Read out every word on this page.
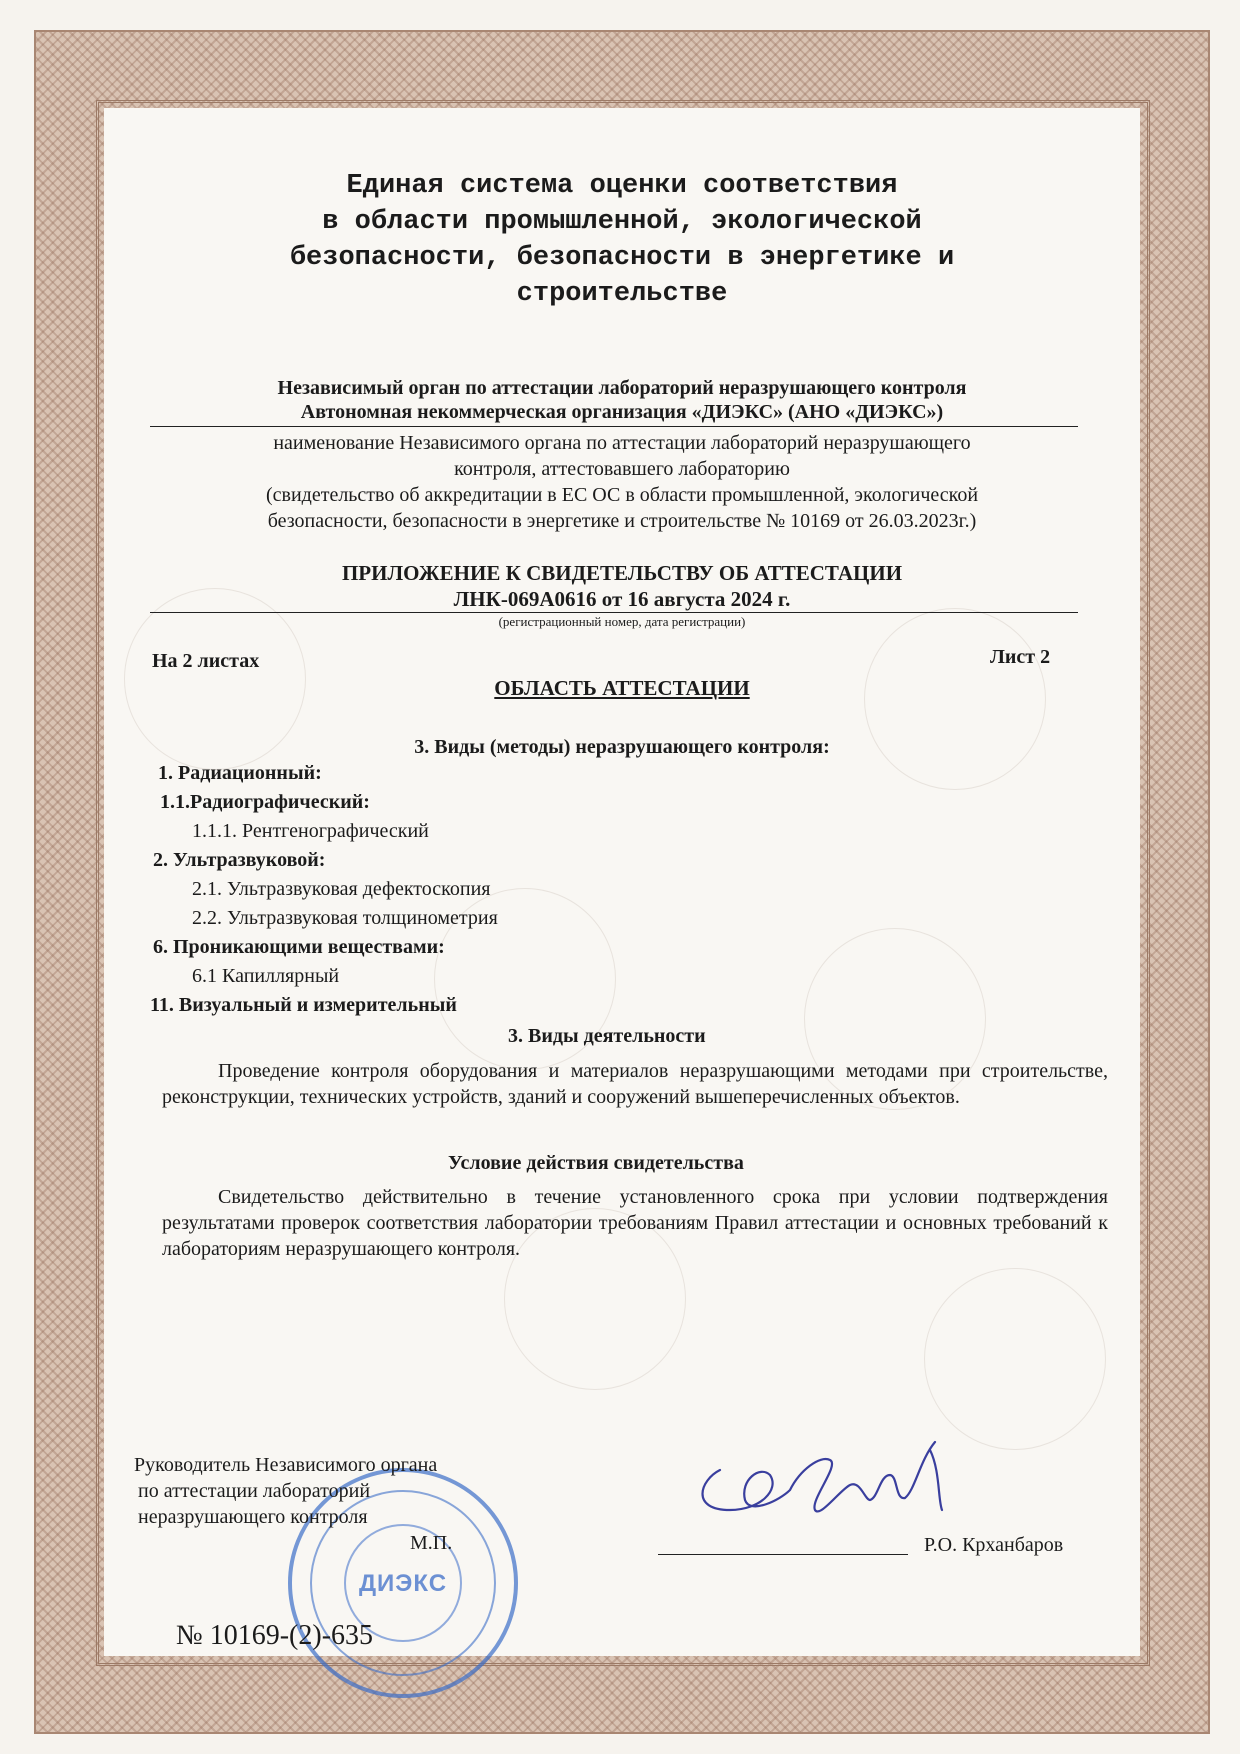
Единая система оценки соответствия
в области промышленной, экологической
безопасности, безопасности в энергетике и
строительстве
Независимый орган по аттестации лабораторий неразрушающего контроля
Автономная некоммерческая организация «ДИЭКС» (АНО «ДИЭКС»)
наименование Независимого органа по аттестации лабораторий неразрушающего
контроля, аттестовавшего лабораторию
(свидетельство об аккредитации в ЕС ОС в области промышленной, экологической
безопасности, безопасности в энергетике и строительстве № 10169 от 26.03.2023г.)
ПРИЛОЖЕНИЕ К СВИДЕТЕЛЬСТВУ ОБ АТТЕСТАЦИИ
ЛНК-069А0616 от 16 августа 2024 г.
(регистрационный номер, дата регистрации)
На 2 листах	Лист 2
ОБЛАСТЬ АТТЕСТАЦИИ
3. Виды (методы) неразрушающего контроля:
1. Радиационный:
1.1.Радиографический:
1.1.1. Рентгенографический
2. Ультразвуковой:
2.1. Ультразвуковая дефектоскопия
2.2. Ультразвуковая толщинометрия
6. Проникающими веществами:
6.1 Капиллярный
11. Визуальный и измерительный
3. Виды деятельности
Проведение контроля оборудования и материалов неразрушающими методами при строительстве, реконструкции, технических устройств, зданий и сооружений вышеперечисленных объектов.
Условие действия свидетельства
Свидетельство действительно в течение установленного срока при условии подтверждения результатами проверок соответствия лаборатории требованиям Правил аттестации и основных требований к лабораториям неразрушающего контроля.
ДИЭКС
Руководитель Независимого органа
по аттестации лабораторий
неразрушающего контроля
М.П.	Р.О. Крханбаров
№ 10169-(2)-635
